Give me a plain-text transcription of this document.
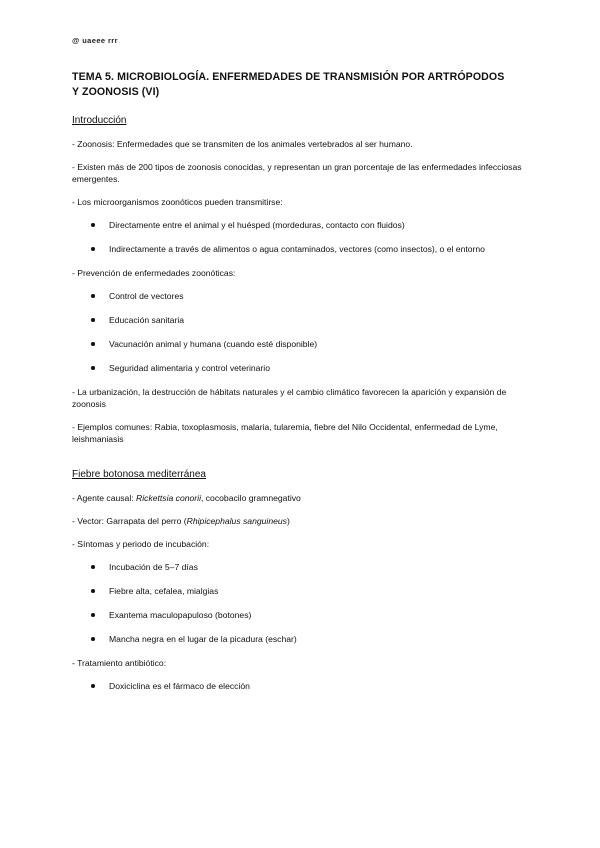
@ uaeee rrr
TEMA 5. MICROBIOLOGÍA. ENFERMEDADES DE TRANSMISIÓN POR ARTRÓPODOS
Y ZOONOSIS (VI)
Introducción

- Zoonosis: Enfermedades que se transmiten de los animales vertebrados al ser humano.

- Existen más de 200 tipos de zoonosis conocidas, y representan un gran porcentaje de las enfermedades infecciosas emergentes.

- Los microorganismos zoonóticos pueden transmitirse:

Directamente entre el animal y el huésped (mordeduras, contacto con fluidos)
Indirectamente a través de alimentos o agua contaminados, vectores (como insectos), o el entorno

- Prevención de enfermedades zoonóticas:

Control de vectores
Educación sanitaria
Vacunación animal y humana (cuando esté disponible)
Seguridad alimentaria y control veterinario

- La urbanización, la destrucción de hábitats naturales y el cambio climático favorecen la aparición y expansión de zoonosis

- Ejemplos comunes: Rabia, toxoplasmosis, malaria, tularemia, fiebre del Nilo Occidental, enfermedad de Lyme, leishmaniasis

Fiebre botonosa mediterránea

- Agente causal: Rickettsia conorii, cocobacilo gramnegativo

- Vector: Garrapata del perro (Rhipicephalus sanguineus)

- Síntomas y periodo de incubación:

Incubación de 5–7 días
Fiebre alta, cefalea, mialgias
Exantema maculopapuloso (botones)
Mancha negra en el lugar de la picadura (eschar)

- Tratamiento antibiótico:

Doxiciclina es el fármaco de elección
